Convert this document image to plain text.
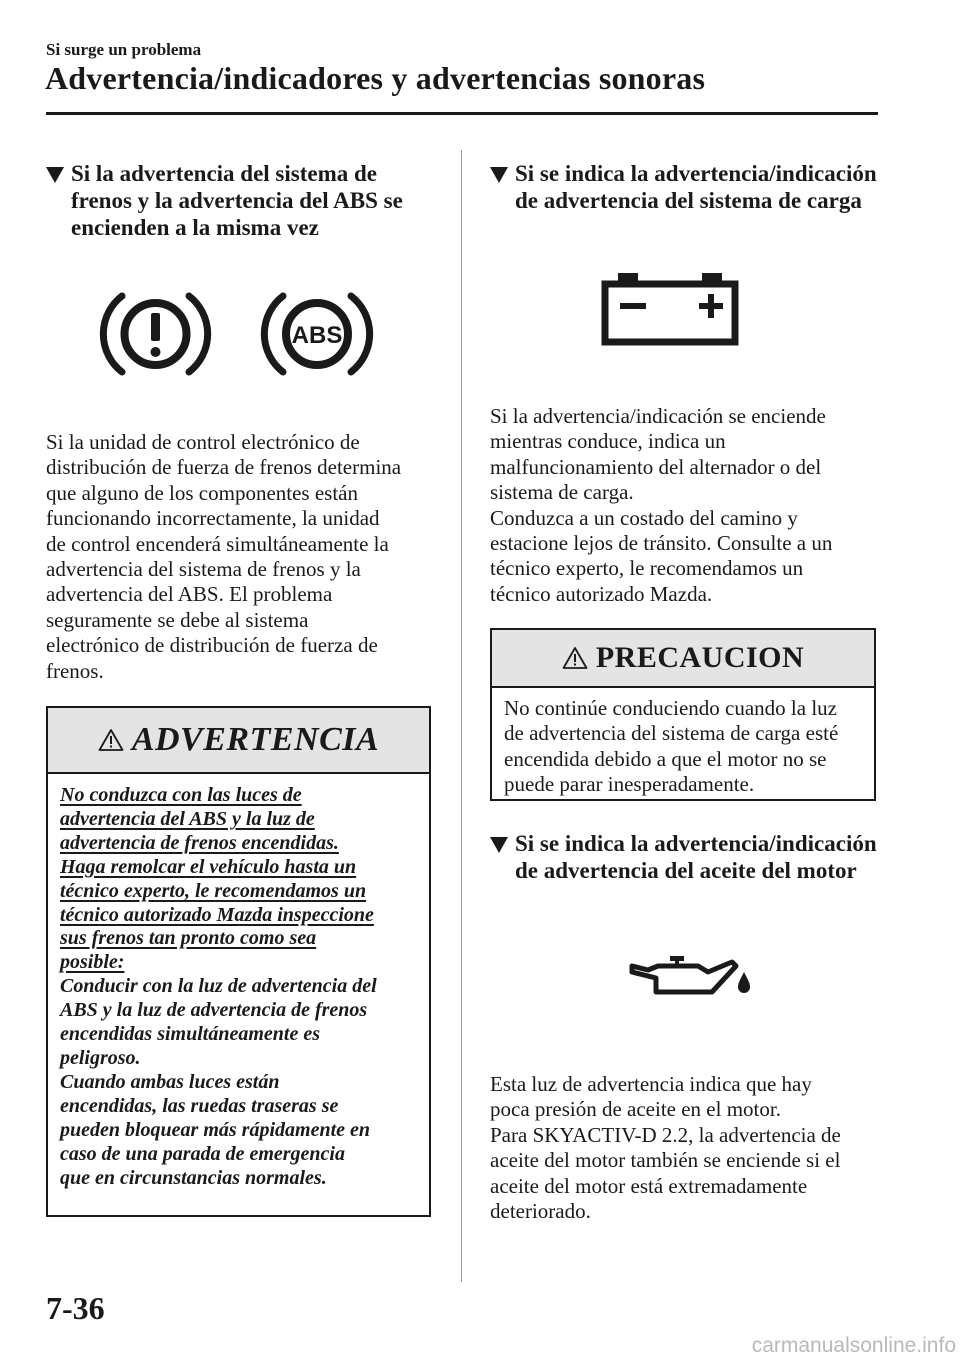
Si surge un problema
Advertencia/indicadores y advertencias sonoras
Si la advertencia del sistema de
frenos y la advertencia del ABS se
encienden a la misma vez
ABS
Si la unidad de control electrónico de
distribución de fuerza de frenos determina
que alguno de los componentes están
funcionando incorrectamente, la unidad
de control encenderá simultáneamente la
advertencia del sistema de frenos y la
advertencia del ABS. El problema
seguramente se debe al sistema
electrónico de distribución de fuerza de
frenos.
ADVERTENCIA
No conduzca con las luces de
advertencia del ABS y la luz de
advertencia de frenos encendidas.
Haga remolcar el vehículo hasta un
técnico experto, le recomendamos un
técnico autorizado Mazda inspeccione
sus frenos tan pronto como sea
posible:
Conducir con la luz de advertencia del
ABS y la luz de advertencia de frenos
encendidas simultáneamente es
peligroso.
Cuando ambas luces están
encendidas, las ruedas traseras se
pueden bloquear más rápidamente en
caso de una parada de emergencia
que en circunstancias normales.
Si se indica la advertencia/indicación
de advertencia del sistema de carga
Si la advertencia/indicación se enciende
mientras conduce, indica un
malfuncionamiento del alternador o del
sistema de carga.
Conduzca a un costado del camino y
estacione lejos de tránsito. Consulte a un
técnico experto, le recomendamos un
técnico autorizado Mazda.
PRECAUCION
No continúe conduciendo cuando la luz
de advertencia del sistema de carga esté
encendida debido a que el motor no se
puede parar inesperadamente.
Si se indica la advertencia/indicación
de advertencia del aceite del motor
Esta luz de advertencia indica que hay
poca presión de aceite en el motor.
Para SKYACTIV-D 2.2, la advertencia de
aceite del motor también se enciende si el
aceite del motor está extremadamente
deteriorado.
7-36
carmanualsonline.info
